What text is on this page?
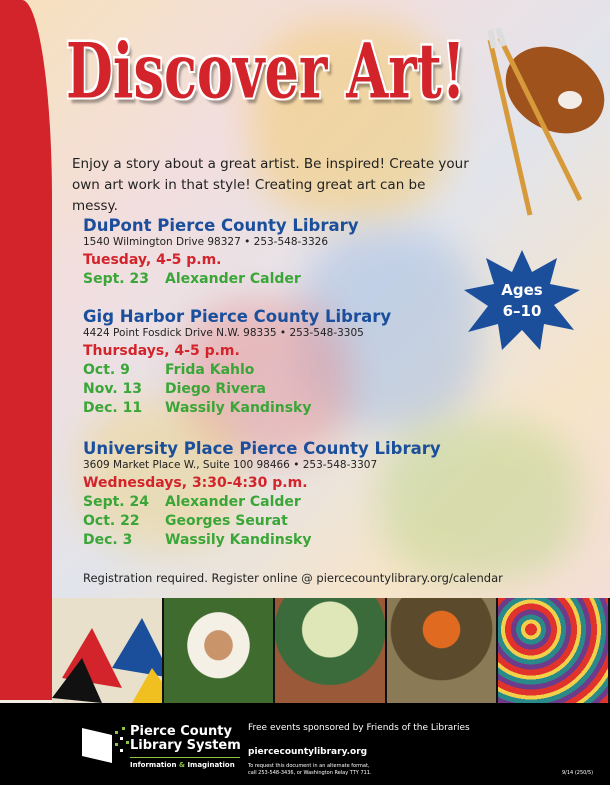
Discover Art!

Enjoy a story about a great artist. Be inspired! Create your own art work in that style! Creating great art can be messy.

Ages
6–10
DuPont Pierce County Library
1540 Wilmington Drive 98327 • 253-548-3326
Tuesday, 4-5 p.m.
Sept. 23	Alexander Calder
Gig Harbor Pierce County Library
4424 Point Fosdick Drive N.W. 98335 • 253-548-3305
Thursdays, 4-5 p.m.
Oct. 9	Frida Kahlo
Nov. 13	Diego Rivera
Dec. 11	Wassily Kandinsky
University Place Pierce County Library
3609 Market Place W., Suite 100 98466 • 253-548-3307
Wednesdays, 3:30-4:30 p.m.
Sept. 24	Alexander Calder
Oct. 22	Georges Seurat
Dec. 3	Wassily Kandinsky
Registration required. Register online @ piercecountylibrary.org/calendar
Pierce County
Library System
Information & Imagination
Free events sponsored by Friends of the Libraries
piercecountylibrary.org
To request this document in an alternate format,
call 253-548-3436, or Washington Relay TTY 711.	9/14 (250/5)
